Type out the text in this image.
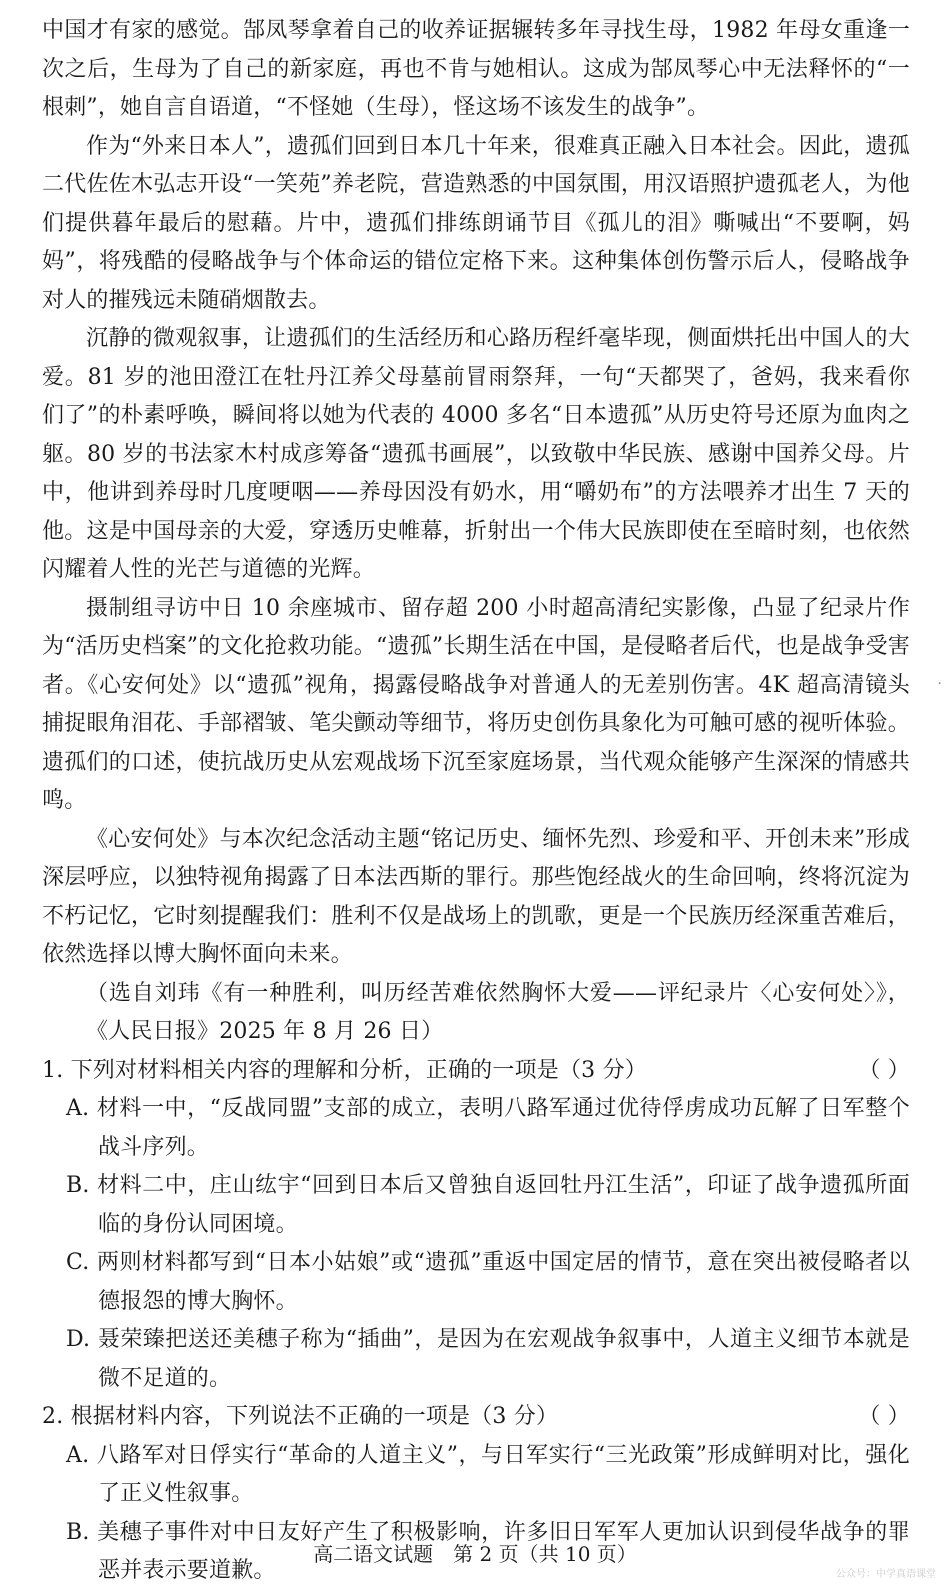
中国才有家的感觉。郜凤琴拿着自己的收养证据辗转多年寻找生母，1982 年母女重逢一次之后，生母为了自己的新家庭，再也不肯与她相认。这成为郜凤琴心中无法释怀的“一根刺”，她自言自语道，“不怪她（生母），怪这场不该发生的战争”。

作为“外来日本人”，遗孤们回到日本几十年来，很难真正融入日本社会。因此，遗孤二代佐佐木弘志开设“一笑苑”养老院，营造熟悉的中国氛围，用汉语照护遗孤老人，为他们提供暮年最后的慰藉。片中，遗孤们排练朗诵节目《孤儿的泪》嘶喊出“不要啊，妈妈”，将残酷的侵略战争与个体命运的错位定格下来。这种集体创伤警示后人，侵略战争对人的摧残远未随硝烟散去。

沉静的微观叙事，让遗孤们的生活经历和心路历程纤毫毕现，侧面烘托出中国人的大爱。81 岁的池田澄江在牡丹江养父母墓前冒雨祭拜，一句“天都哭了，爸妈，我来看你们了”的朴素呼唤，瞬间将以她为代表的 4000 多名“日本遗孤”从历史符号还原为血肉之躯。80 岁的书法家木村成彦筹备“遗孤书画展”，以致敬中华民族、感谢中国养父母。片中，他讲到养母时几度哽咽——养母因没有奶水，用“嚼奶布”的方法喂养才出生 7 天的他。这是中国母亲的大爱，穿透历史帷幕，折射出一个伟大民族即使在至暗时刻，也依然闪耀着人性的光芒与道德的光辉。

摄制组寻访中日 10 余座城市、留存超 200 小时超高清纪实影像，凸显了纪录片作为“活历史档案”的文化抢救功能。“遗孤”长期生活在中国，是侵略者后代，也是战争受害者。《心安何处》以“遗孤”视角，揭露侵略战争对普通人的无差别伤害。4K 超高清镜头捕捉眼角泪花、手部褶皱、笔尖颤动等细节，将历史创伤具象化为可触可感的视听体验。遗孤们的口述，使抗战历史从宏观战场下沉至家庭场景，当代观众能够产生深深的情感共鸣。

《心安何处》与本次纪念活动主题“铭记历史、缅怀先烈、珍爱和平、开创未来”形成深层呼应，以独特视角揭露了日本法西斯的罪行。那些饱经战火的生命回响，终将沉淀为不朽记忆，它时刻提醒我们：胜利不仅是战场上的凯歌，更是一个民族历经深重苦难后，依然选择以博大胸怀面向未来。

（选自刘玮《有一种胜利，叫历经苦难依然胸怀大爱——评纪录片〈心安何处〉》，《人民日报》2025 年 8 月 26 日）

1. 下列对材料相关内容的理解和分析，正确的一项是（3 分）	（ ）

A. 材料一中，“反战同盟”支部的成立，表明八路军通过优待俘虏成功瓦解了日军整个战斗序列。

B. 材料二中，庄山纮宇“回到日本后又曾独自返回牡丹江生活”，印证了战争遗孤所面临的身份认同困境。

C. 两则材料都写到“日本小姑娘”或“遗孤”重返中国定居的情节，意在突出被侵略者以德报怨的博大胸怀。

D. 聂荣臻把送还美穗子称为“插曲”，是因为在宏观战争叙事中，人道主义细节本就是微不足道的。

2. 根据材料内容，下列说法不正确的一项是（3 分）	（ ）

A. 八路军对日俘实行“革命的人道主义”，与日军实行“三光政策”形成鲜明对比，强化了正义性叙事。

B. 美穗子事件对中日友好产生了积极影响，许多旧日军军人更加认识到侵华战争的罪恶并表示要道歉。

·
高二语文试题　第 2 页（共 10 页）
公众号：中学真语课堂
